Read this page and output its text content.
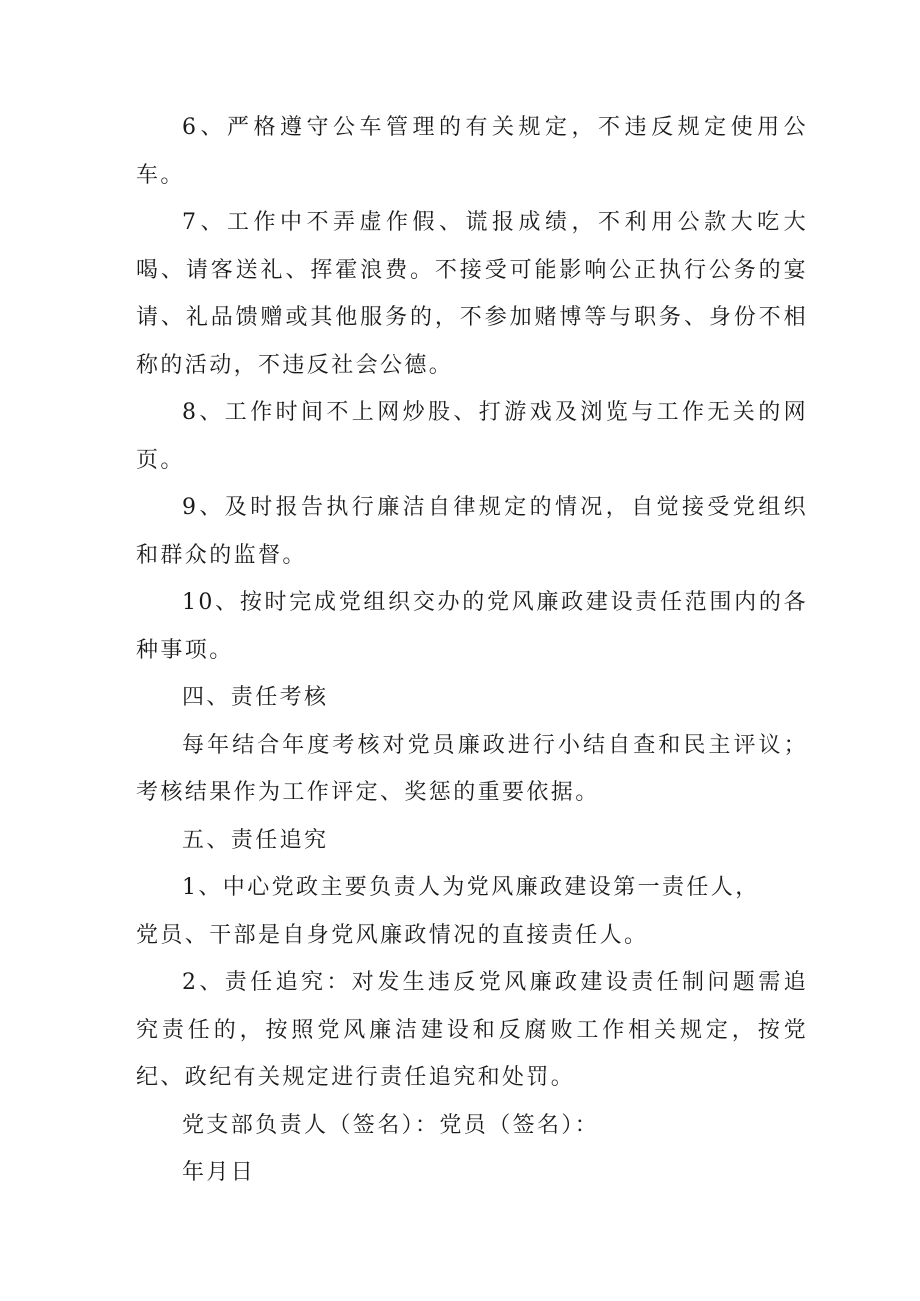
6、严格遵守公车管理的有关规定，不违反规定使用公车。

7、工作中不弄虚作假、谎报成绩，不利用公款大吃大喝、请客送礼、挥霍浪费。不接受可能影响公正执行公务的宴请、礼品馈赠或其他服务的，不参加赌博等与职务、身份不相称的活动，不违反社会公德。

8、工作时间不上网炒股、打游戏及浏览与工作无关的网页。

9、及时报告执行廉洁自律规定的情况，自觉接受党组织和群众的监督。

10、按时完成党组织交办的党风廉政建设责任范围内的各种事项。

四、责任考核

每年结合年度考核对党员廉政进行小结自查和民主评议；考核结果作为工作评定、奖惩的重要依据。

五、责任追究

1、中心党政主要负责人为党风廉政建设第一责任人，

党员、干部是自身党风廉政情况的直接责任人。

2、责任追究：对发生违反党风廉政建设责任制问题需追究责任的，按照党风廉洁建设和反腐败工作相关规定，按党纪、政纪有关规定进行责任追究和处罚。

党支部负责人（签名）：党员（签名）：

年月日
